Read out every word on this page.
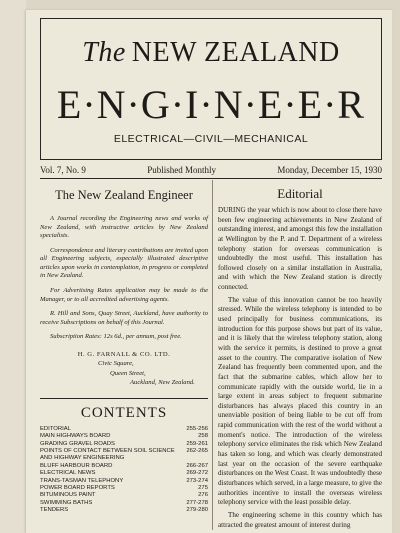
The NEW ZEALAND
E·N·G·I·N·E·E·R
ELECTRICAL—CIVIL—MECHANICAL
Vol. 7, No. 9	Published Monthly	Monday, December 15, 1930
The New Zealand Engineer

A Journal recording the Engineering news and works of New Zealand, with instructive articles by New Zealand specialists.

Correspondence and literary contributions are invited upon all Engineering subjects, especially illustrated descriptive articles upon works in contemplation, in progress or completed in New Zealand.

For Advertising Rates application may be made to the Manager, or to all accredited advertising agents.

R. Hill and Sons, Quay Street, Auckland, have authority to receive Subscriptions on behalf of this Journal.

Subscription Rates: 12s 6d., per annum, post free.

H. G. FARNALL & CO. LTD.
Civic Square,
Queen Street,
Auckland, New Zealand.
CONTENTS
EDITORIAL	255-256
MAIN HIGHWAYS BOARD	258
GRADING GRAVEL ROADS	259-261
POINTS OF CONTACT BETWEEN SOIL SCIENCE AND HIGHWAY ENGINEERING	262-265
BLUFF HARBOUR BOARD	266-267
ELECTRICAL NEWS	269-272
TRANS-TASMAN TELEPHONY	273-274
POWER BOARD REPORTS	275
BITUMINOUS PAINT	276
SWIMMING BATHS	277-278
TENDERS	279-280
Editorial

DURING the year which is now about to close there have been few engineering achievements in New Zealand of outstanding interest, and amongst this few the installation at Wellington by the P. and T. Department of a wireless telephony station for overseas communication is undoubtedly the most useful. This installation has followed closely on a similar installation in Australia, and with which the New Zealand station is directly connected.

The value of this innovation cannot be too heavily stressed. While the wireless telephony is intended to be used principally for business communications, its introduction for this purpose shows but part of its value, and it is likely that the wireless telephony station, along with the service it permits, is destined to prove a great asset to the country. The comparative isolation of New Zealand has frequently been commented upon, and the fact that the submarine cables, which allow her to communicate rapidly with the outside world, lie in a large extent in areas subject to frequent submarine disturbances has always placed this country in an unenviable position of being liable to be cut off from rapid communication with the rest of the world without a moment's notice. The introduction of the wireless telephony service eliminates the risk which New Zealand has taken so long, and which was clearly demonstrated last year on the occasion of the severe earthquake disturbances on the West Coast. It was undoubtedly these disturbances which served, in a large measure, to give the authorities incentive to install the overseas wireless telephony service with the least possible delay.

The engineering scheme in this country which has attracted the greatest amount of interest during
